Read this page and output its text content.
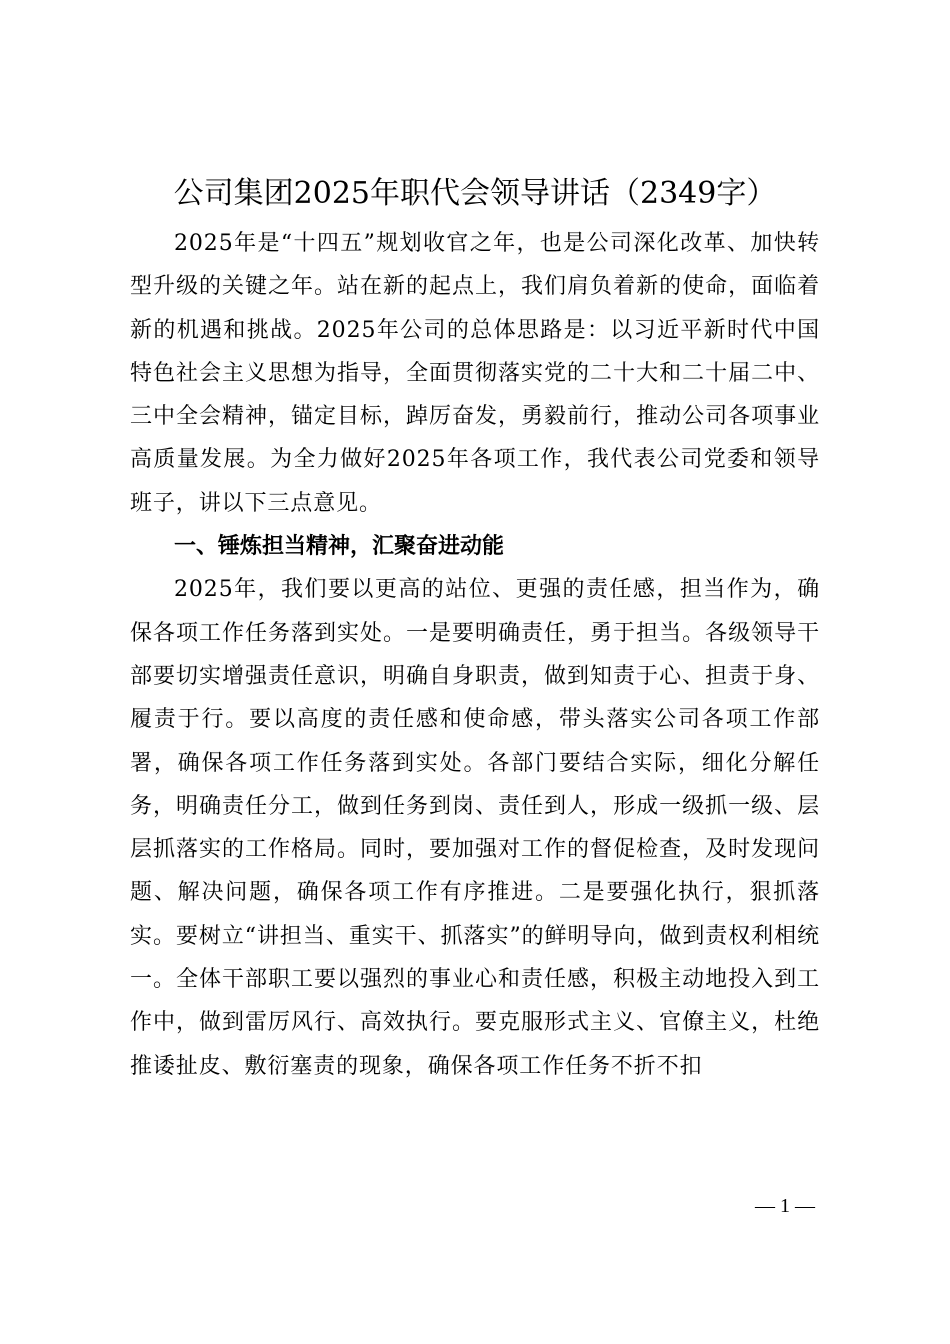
公司集团2025年职代会领导讲话（2349字）

2025年是“十四五”规划收官之年，也是公司深化改革、加快转型升级的关键之年。站在新的起点上，我们肩负着新的使命，面临着新的机遇和挑战。2025年公司的总体思路是：以习近平新时代中国特色社会主义思想为指导，全面贯彻落实党的二十大和二十届二中、三中全会精神，锚定目标，踔厉奋发，勇毅前行，推动公司各项事业高质量发展。为全力做好2025年各项工作，我代表公司党委和领导班子，讲以下三点意见。

一、锤炼担当精神，汇聚奋进动能

2025年，我们要以更高的站位、更强的责任感，担当作为，确保各项工作任务落到实处。一是要明确责任，勇于担当。各级领导干部要切实增强责任意识，明确自身职责，做到知责于心、担责于身、履责于行。要以高度的责任感和使命感，带头落实公司各项工作部署，确保各项工作任务落到实处。各部门要结合实际，细化分解任务，明确责任分工，做到任务到岗、责任到人，形成一级抓一级、层层抓落实的工作格局。同时，要加强对工作的督促检查，及时发现问题、解决问题，确保各项工作有序推进。二是要强化执行，狠抓落实。要树立“讲担当、重实干、抓落实”的鲜明导向，做到责权利相统一。全体干部职工要以强烈的事业心和责任感，积极主动地投入到工作中，做到雷厉风行、高效执行。要克服形式主义、官僚主义，杜绝推诿扯皮、敷衍塞责的现象，确保各项工作任务不折不扣

— 1 —
